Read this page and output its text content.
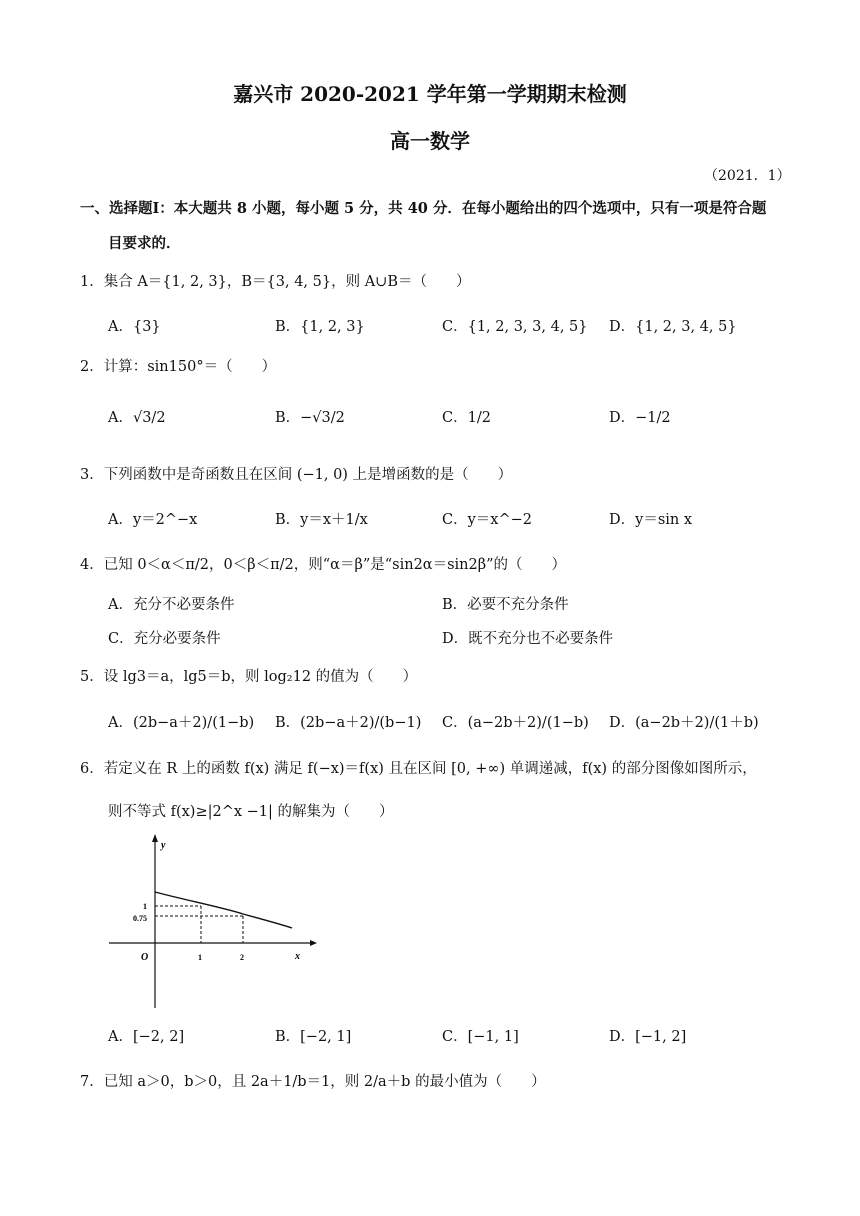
嘉兴市 2020-2021 学年第一学期期末检测
高一数学
（2021．1）
一、选择题I：本大题共 8 小题，每小题 5 分，共 40 分．在每小题给出的四个选项中，只有一项是符合题
目要求的．
1．集合 A＝{1, 2, 3}，B＝{3, 4, 5}，则 A∪B＝（　　）
A．{3}	B．{1, 2, 3}	C．{1, 2, 3, 3, 4, 5} D．{1, 2, 3, 4, 5}
2．计算：sin150°＝（　　）
A．√3/2	B．−√3/2	C．1/2	D．−1/2
3．下列函数中是奇函数且在区间 (−1, 0) 上是增函数的是（　　）
A．y＝2^−x	B．y＝x＋1/x	C．y＝x^−2	D．y＝sin x
4．已知 0＜α＜π/2，0＜β＜π/2，则“α＝β”是“sin2α＝sin2β”的（　　）
A．充分不必要条件	B．必要不充分条件
C．充分必要条件	D．既不充分也不必要条件
5．设 lg3＝a，lg5＝b，则 log₂12 的值为（　　）
A．(2b−a＋2)/(1−b) B．(2b−a＋2)/(b−1) C．(a−2b＋2)/(1−b) D．(a−2b＋2)/(1＋b)
6．若定义在 R 上的函数 f(x) 满足 f(−x)＝f(x) 且在区间 [0, +∞) 单调递减，f(x) 的部分图像如图所示，
则不等式 f(x)≥|2^x −1| 的解集为（　　）
y
x
O
1
0.75
1	2
A．[−2, 2]	B．[−2, 1]	C．[−1, 1]	D．[−1, 2]
7．已知 a＞0，b＞0，且 2a＋1/b＝1，则 2/a＋b 的最小值为（　　）
